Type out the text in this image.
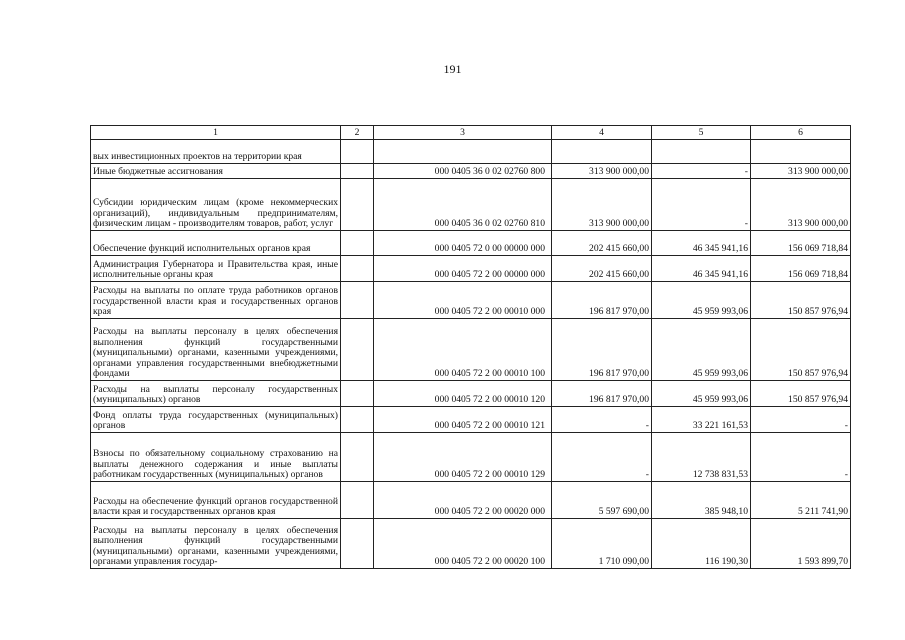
191
1	2	3	4	5	6
вых инвестиционных проектов на территории края					
Иные бюджетные ассигнования		000 0405 36 0 02 02760 800	313 900 000,00	-	313 900 000,00
Субсидии юридическим лицам (кроме некоммерческих организаций), индивидуальным предпринимателям, физическим лицам - производителям товаров, работ, услуг		000 0405 36 0 02 02760 810	313 900 000,00	-	313 900 000,00
Обеспечение функций исполнительных органов края		000 0405 72 0 00 00000 000	202 415 660,00	46 345 941,16	156 069 718,84
Администрация Губернатора и Правительства края, иные исполнительные органы края		000 0405 72 2 00 00000 000	202 415 660,00	46 345 941,16	156 069 718,84
Расходы на выплаты по оплате труда работников органов государственной власти края и государственных органов края		000 0405 72 2 00 00010 000	196 817 970,00	45 959 993,06	150 857 976,94
Расходы на выплаты персоналу в целях обеспечения выполнения функций государственными (муниципальными) органами, казенными учреждениями, органами управления государственными внебюджетными фондами		000 0405 72 2 00 00010 100	196 817 970,00	45 959 993,06	150 857 976,94
Расходы на выплаты персоналу государственных (муниципальных) органов		000 0405 72 2 00 00010 120	196 817 970,00	45 959 993,06	150 857 976,94
Фонд оплаты труда государственных (муниципальных) органов		000 0405 72 2 00 00010 121	-	33 221 161,53	-
Взносы по обязательному социальному страхованию на выплаты денежного содержания и иные выплаты работникам государственных (муниципальных) органов		000 0405 72 2 00 00010 129	-	12 738 831,53	-
Расходы на обеспечение функций органов государственной власти края и государственных органов края		000 0405 72 2 00 00020 000	5 597 690,00	385 948,10	5 211 741,90
Расходы на выплаты персоналу в целях обеспечения выполнения функций государственными (муниципальными) органами, казенными учреждениями, органами управления государ-		000 0405 72 2 00 00020 100	1 710 090,00	116 190,30	1 593 899,70
